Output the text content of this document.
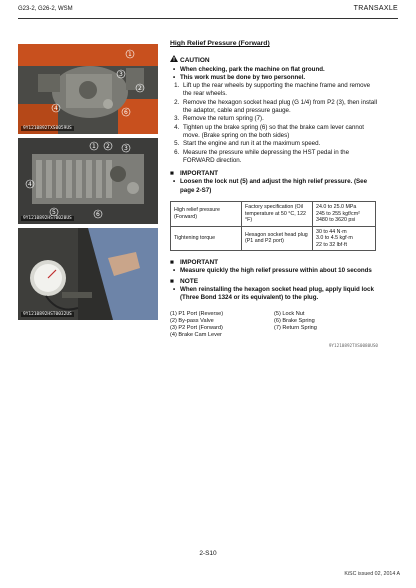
G23-2, G26-2, WSM	TRANSAXLE
4
3
1
2
6
9Y1210892TXS0059US
4
1 2 3
5	6
9Y1210892HST0020US
9Y1210892HST0032US
High Relief Pressure (Forward)
CAUTION
• When checking, park the machine on flat ground.
• This work must be done by two personnel.
1. Lift up the rear wheels by supporting the machine frame and remove the rear wheels.
2. Remove the hexagon socket head plug (G 1/4) from P2 (3), then install the adaptor, cable and pressure gauge.
3. Remove the return spring (7).
4. Tighten up the brake spring (6) so that the brake cam lever cannot move. (Brake spring on the both sides)
5. Start the engine and run it at the maximum speed.
6. Measure the pressure while depressing the HST pedal in the FORWARD direction.
■ IMPORTANT
• Loosen the lock nut (5) and adjust the high relief pressure. (See page 2-S7)
High relief pressure (Forward)	Factory specification (Oil temperature at 50 °C, 122 °F)	24.0 to 25.0 MPa
245 to 255 kgf/cm²
3480 to 3620 psi

Tightening torque	Hexagon socket head plug (P1 and P2 port)	30 to 44 N·m
3.0 to 4.5 kgf·m
22 to 32 lbf·ft
■ IMPORTANT
• Measure quickly the high relief pressure within about 10 seconds
■ NOTE
• When reinstalling the hexagon socket head plug, apply liquid lock (Three Bond 1324 or its equivalent) to the plug.
(1) P1 Port (Reverse)
(2) By-pass Valve
(3) P2 Port (Forward)
(4) Brake Cam Lever
(5) Lock Nut
(6) Brake Spring
(7) Return Spring
9Y1210892TXS0080US0
2-S10
KiSC issued 02, 2014 A
